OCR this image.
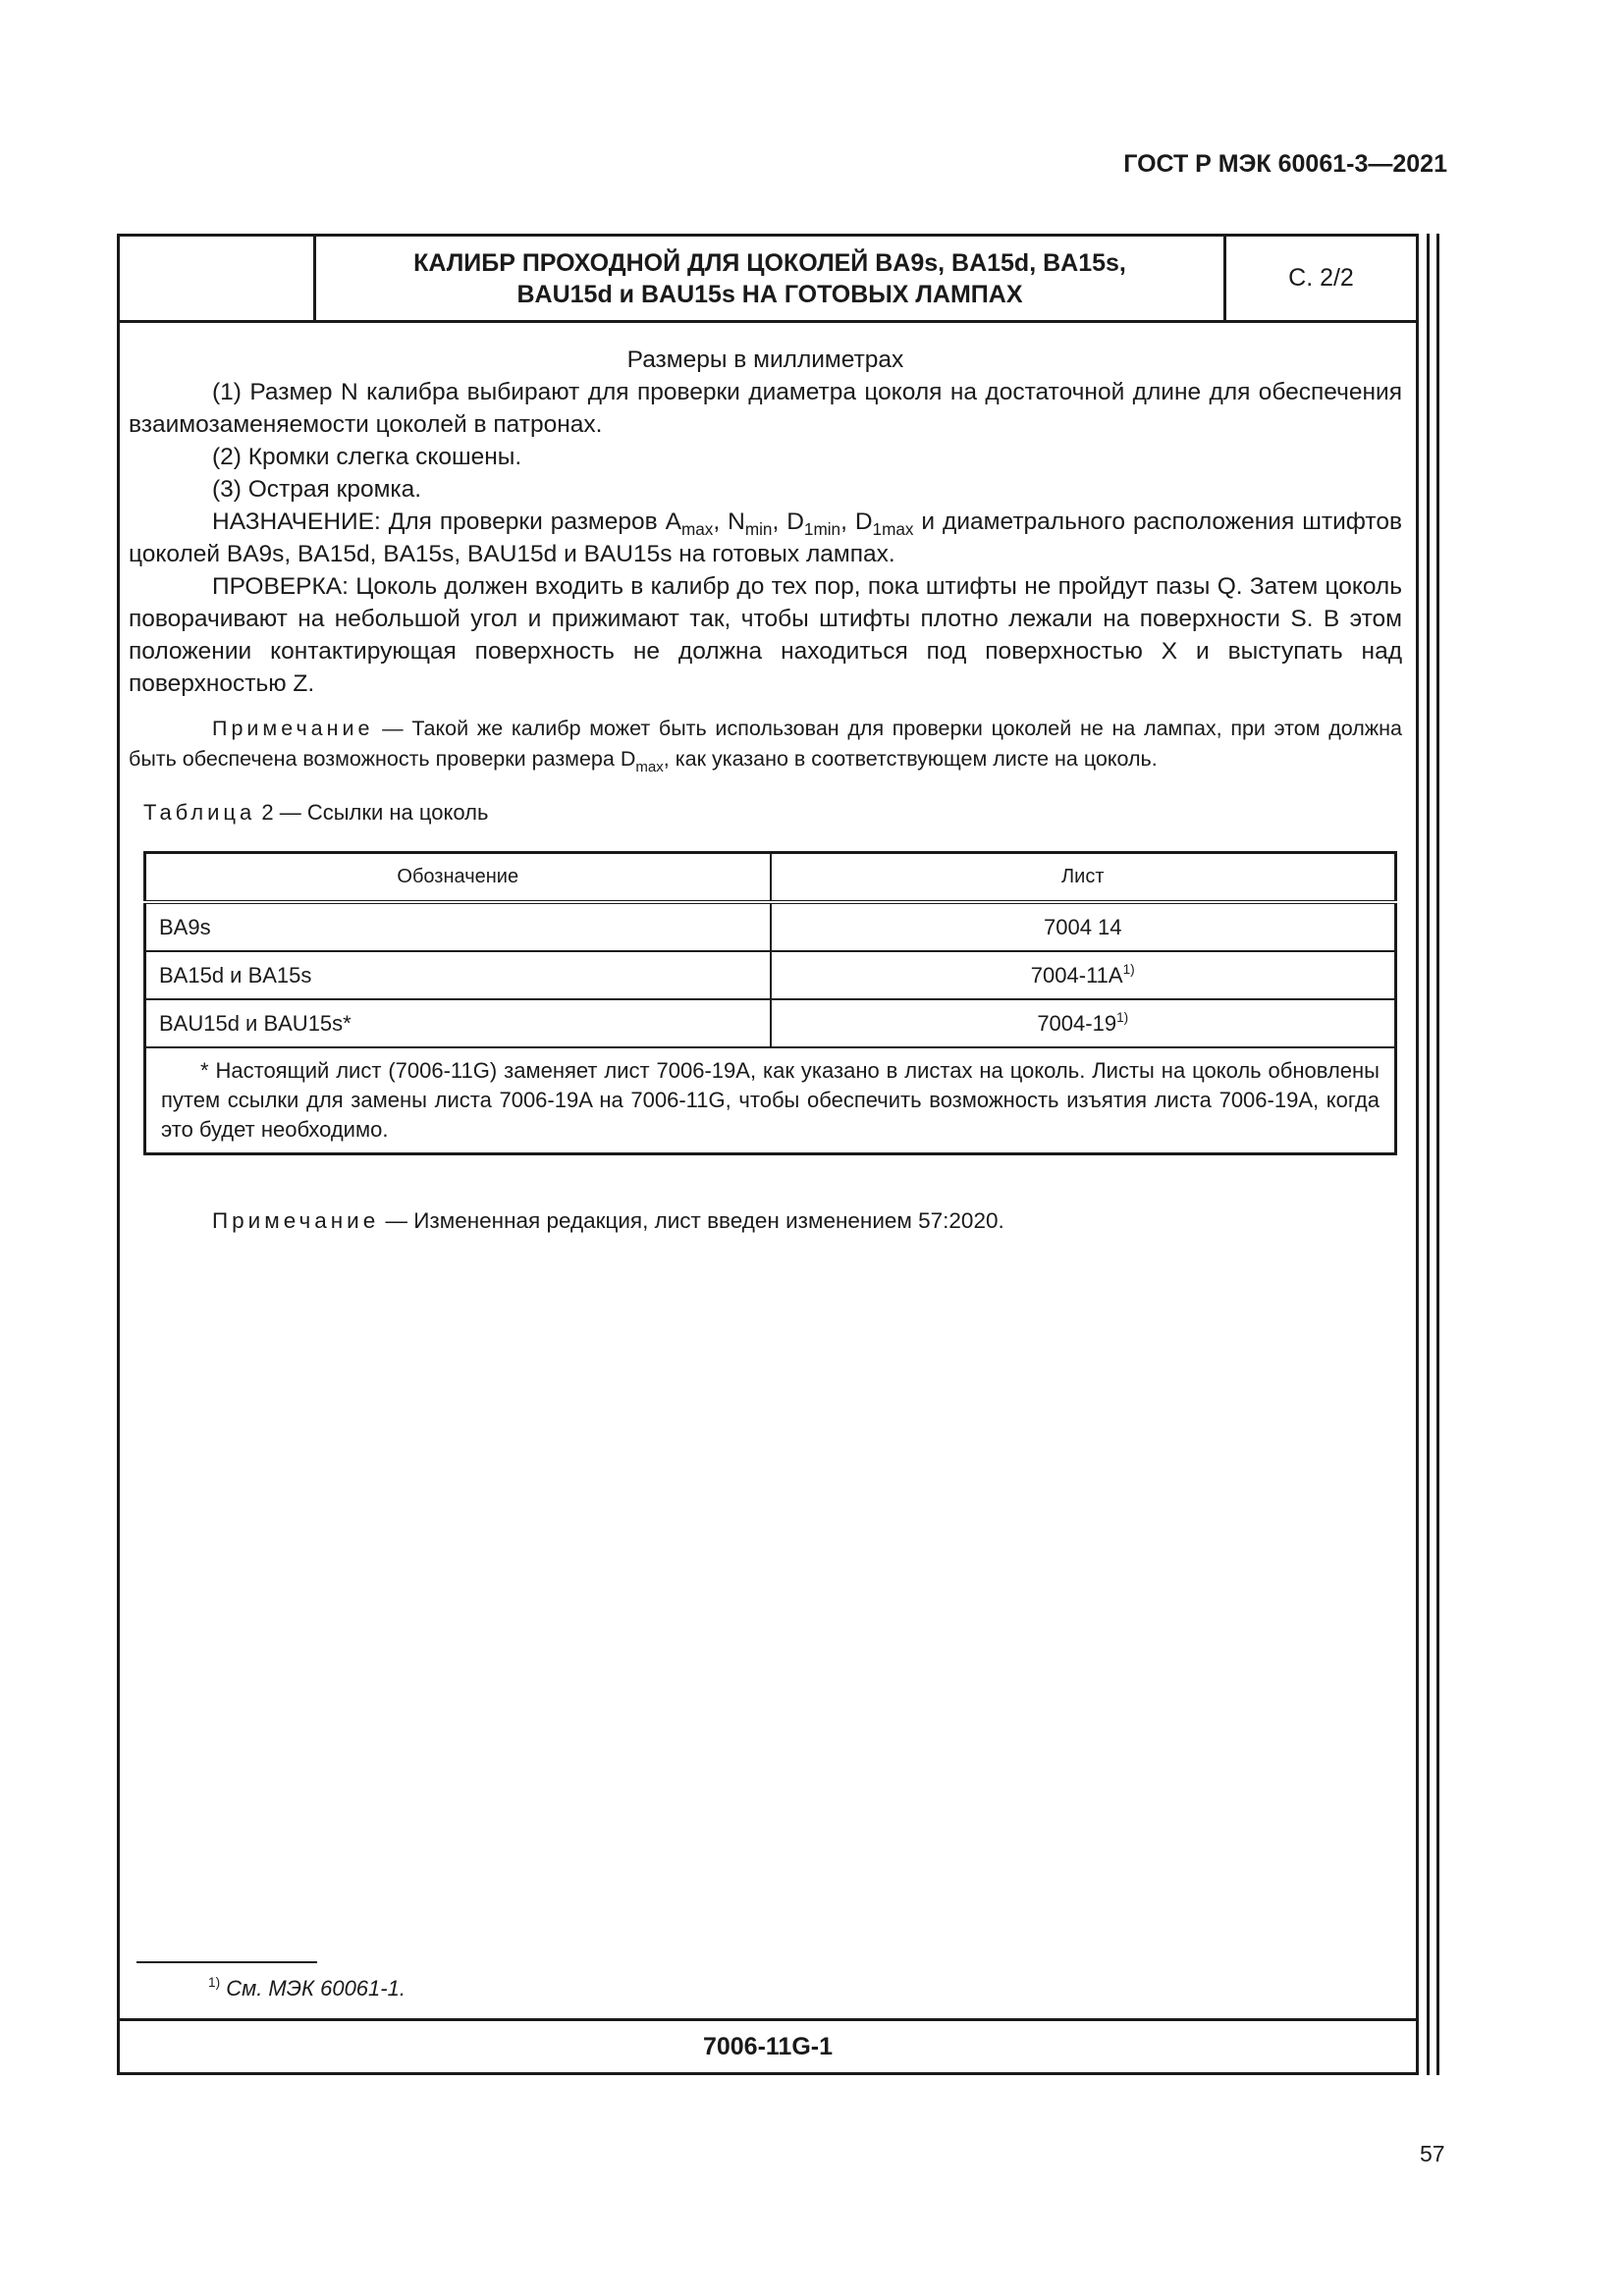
ГОСТ Р МЭК 60061-3—2021
КАЛИБР ПРОХОДНОЙ ДЛЯ ЦОКОЛЕЙ BA9s, BA15d, BA15s,
BAU15d и BAU15s НА ГОТОВЫХ ЛАМПАХ
С. 2/2

Размеры в миллиметрах

(1) Размер N калибра выбирают для проверки диаметра цоколя на достаточной длине для обеспечения взаимозаменяемости цоколей в патронах.

(2) Кромки слегка скошены.

(3) Острая кромка.

НАЗНАЧЕНИЕ: Для проверки размеров $A_{max}$, $N_{min}$, $D_{1min}$, $D_{1max}$ и диаметрального расположения штифтов цоколей BA9s, BA15d, BA15s, BAU15d и BAU15s на готовых лампах.

ПРОВЕРКА: Цоколь должен входить в калибр до тех пор, пока штифты не пройдут пазы Q. Затем цоколь поворачивают на небольшой угол и прижимают так, чтобы штифты плотно лежали на поверхности S. В этом положении контактирующая поверхность не должна находиться под поверхностью X и выступать над поверхностью Z.

Примечание — Такой же калибр может быть использован для проверки цоколей не на лампах, при этом должна быть обеспечена возможность проверки размера $D_{max}$, как указано в соответствующем листе на цоколь.

Таблица 2 — Ссылки на цоколь

Обозначение	Лист
BA9s	7004 14
BA15d и BA15s	$7004-11A^{1)}$
BAU15d и BAU15s*	7004-19$^{1)}$
* Настоящий лист (7006-11G) заменяет лист 7006-19A, как указано в листах на цоколь. Листы на цоколь обновлены путем ссылки для замены листа 7006-19A на 7006-11G, чтобы обеспечить возможность изъятия листа 7006-19A, когда это будет необходимо.	

Примечание — Измененная редакция, лист введен изменением 57:2020.

$^{1)}$ См. МЭК 60061-1.
7006-11G-1
57
